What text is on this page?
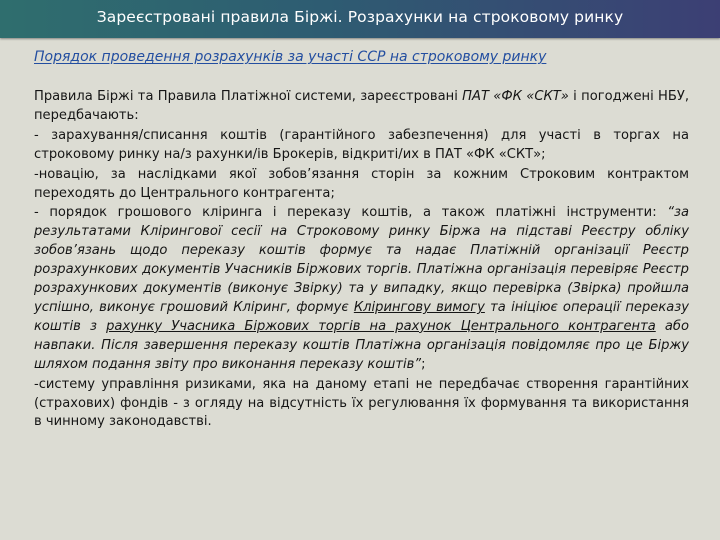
Зареєстровані правила Біржі. Розрахунки на строковому ринку
Порядок проведення розрахунків за участі ССР на строковому ринку

Правила Біржі та Правила Платіжної системи, зареєстровані ПАТ «ФК «СКТ» і погоджені НБУ, передбачають:

- зарахування/списання коштів (гарантійного забезпечення) для участі в торгах на строковому ринку на/з рахунки/ів Брокерів, відкриті/их в ПАТ «ФК «СКТ»;

-новацію, за наслідками якої зобов’язання сторін за кожним Строковим контрактом переходять до Центрального контрагента;

- порядок грошового кліринга і переказу коштів, а також платіжні інструменти: “за результатами Клірингової сесії на Строковому ринку Біржа на підставі Реєстру обліку зобов’язань щодо переказу коштів формує та надає Платіжній організації Реєстр розрахункових документів Учасників Біржових торгів. Платіжна організація перевіряє Реєстр розрахункових документів (виконує Звірку) та у випадку, якщо перевірка (Звірка) пройшла успішно, виконує грошовий Кліринг, формує Клірингову вимогу та ініціює операції переказу коштів з рахунку Учасника Біржових торгів на рахунок Центрального контрагента або навпаки. Після завершення переказу коштів Платіжна організація повідомляє про це Біржу шляхом подання звіту про виконання переказу коштів”;

-систему управління ризиками, яка на даному етапі не передбачає створення гарантійних (страхових) фондів - з огляду на відсутність їх регулювання їх формування та використання в чинному законодавстві.
